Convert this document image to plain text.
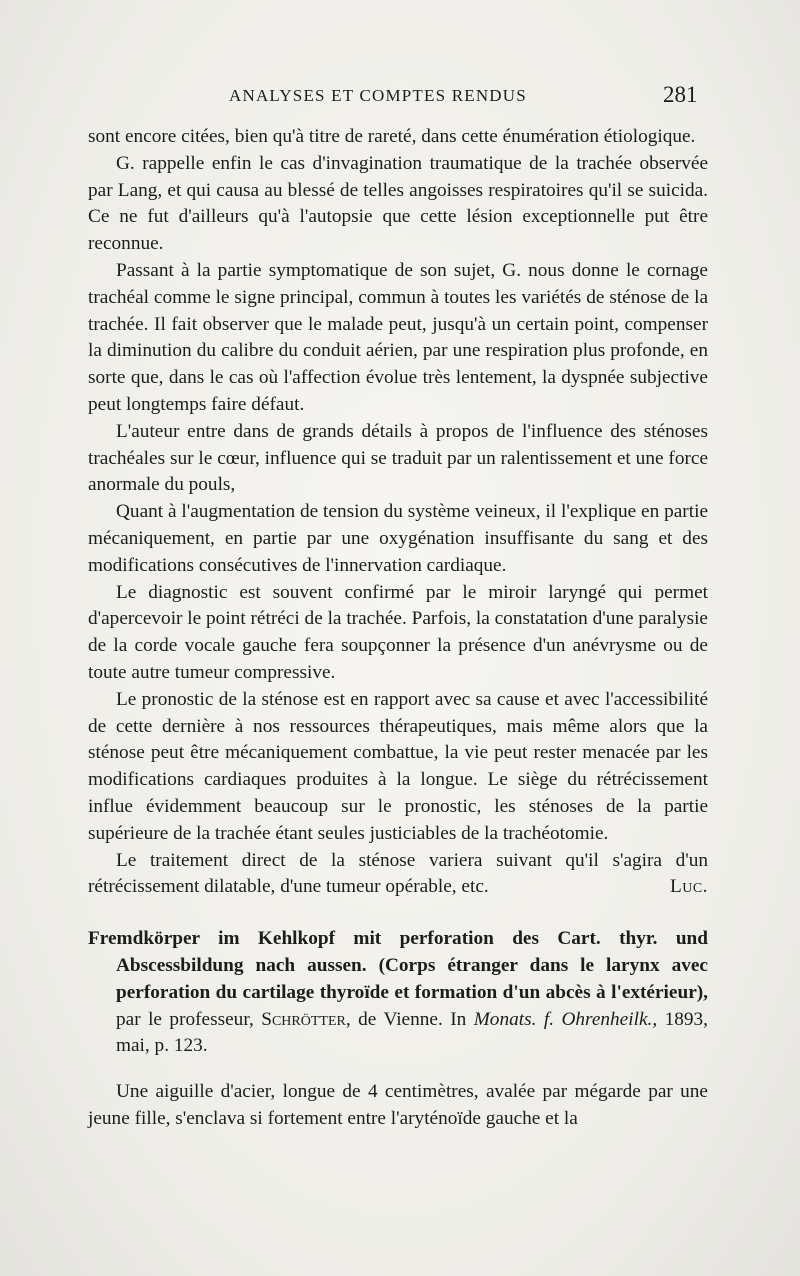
ANALYSES ET COMPTES RENDUS	281

sont encore citées, bien qu'à titre de rareté, dans cette énumération étiologique.

G. rappelle enfin le cas d'invagination traumatique de la trachée observée par Lang, et qui causa au blessé de telles angoisses respiratoires qu'il se suicida. Ce ne fut d'ailleurs qu'à l'autopsie que cette lésion exceptionnelle put être reconnue.

Passant à la partie symptomatique de son sujet, G. nous donne le cornage trachéal comme le signe principal, commun à toutes les variétés de sténose de la trachée. Il fait observer que le malade peut, jusqu'à un certain point, compenser la diminution du calibre du conduit aérien, par une respiration plus profonde, en sorte que, dans le cas où l'affection évolue très lentement, la dyspnée subjective peut longtemps faire défaut.

L'auteur entre dans de grands détails à propos de l'influence des sténoses trachéales sur le cœur, influence qui se traduit par un ralentissement et une force anormale du pouls,

Quant à l'augmentation de tension du système veineux, il l'explique en partie mécaniquement, en partie par une oxygénation insuffisante du sang et des modifications consécutives de l'innervation cardiaque.

Le diagnostic est souvent confirmé par le miroir laryngé qui permet d'apercevoir le point rétréci de la trachée. Parfois, la constatation d'une paralysie de la corde vocale gauche fera soupçonner la présence d'un anévrysme ou de toute autre tumeur compressive.

Le pronostic de la sténose est en rapport avec sa cause et avec l'accessibilité de cette dernière à nos ressources thérapeutiques, mais même alors que la sténose peut être mécaniquement combattue, la vie peut rester menacée par les modifications cardiaques produites à la longue. Le siège du rétrécissement influe évidemment beaucoup sur le pronostic, les sténoses de la partie supérieure de la trachée étant seules justiciables de la trachéotomie.

Le traitement direct de la sténose variera suivant qu'il s'agira d'un rétrécissement dilatable, d'une tumeur opérable, etc.	Luc.

Fremdkörper im Kehlkopf mit perforation des Cart. thyr. und Abscessbildung nach aussen. (Corps étranger dans le larynx avec perforation du cartilage thyroïde et formation d'un abcès à l'extérieur), par le professeur, Schrötter, de Vienne. In Monats. f. Ohrenheilk., 1893, mai, p. 123.

Une aiguille d'acier, longue de 4 centimètres, avalée par mégarde par une jeune fille, s'enclava si fortement entre l'aryténoïde gauche et la
